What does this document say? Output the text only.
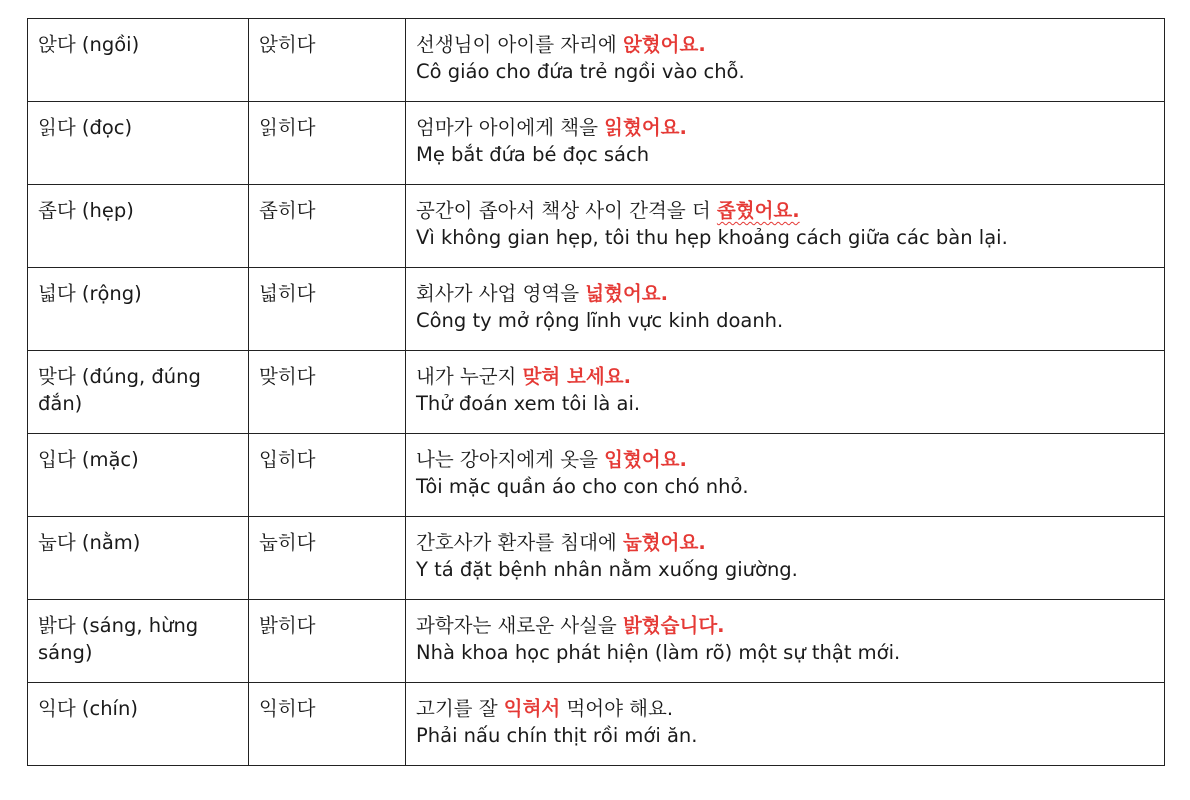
앉다 (ngồi)	앉히다	선생님이 아이를 자리에 앉혔어요.
Cô giáo cho đứa trẻ ngồi vào chỗ.

읽다 (đọc)	읽히다	엄마가 아이에게 책을 읽혔어요.
Mẹ bắt đứa bé đọc sách

좁다 (hẹp)	좁히다	공간이 좁아서 책상 사이 간격을 더 좁혔어요.
Vì không gian hẹp, tôi thu hẹp khoảng cách giữa các bàn lại.

넓다 (rộng)	넓히다	회사가 사업 영역을 넓혔어요.
Công ty mở rộng lĩnh vực kinh doanh.

맞다 (đúng, đúng
đắn)	맞히다	내가 누군지 맞혀 보세요.
Thử đoán xem tôi là ai.

입다 (mặc)	입히다	나는 강아지에게 옷을 입혔어요.
Tôi mặc quần áo cho con chó nhỏ.

눕다 (nằm)	눕히다	간호사가 환자를 침대에 눕혔어요.
Y tá đặt bệnh nhân nằm xuống giường.

밝다 (sáng, hừng
sáng)	밝히다	과학자는 새로운 사실을 밝혔습니다.
Nhà khoa học phát hiện (làm rõ) một sự thật mới.

익다 (chín)	익히다	고기를 잘 익혀서 먹어야 해요.
Phải nấu chín thịt rồi mới ăn.
